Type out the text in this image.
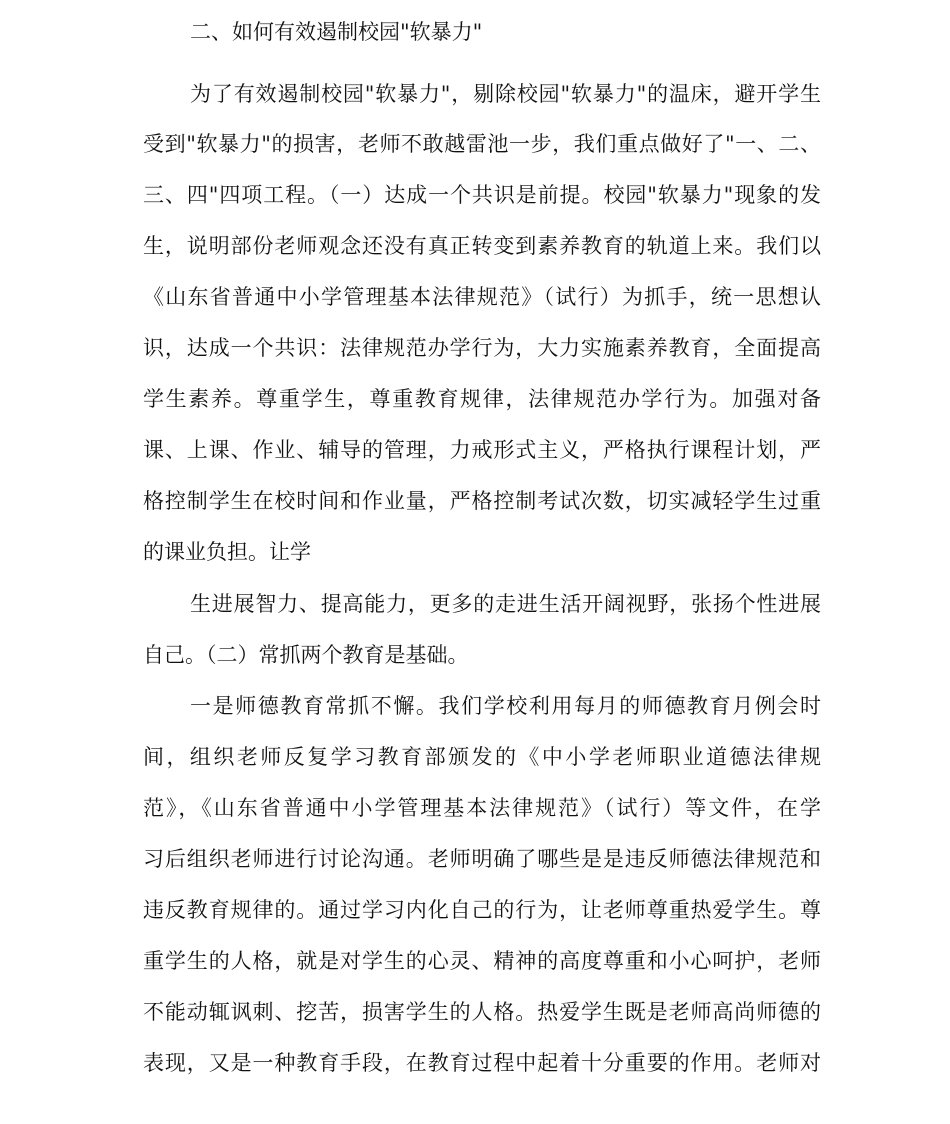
二、如何有效遏制校园"软暴力"
为了有效遏制校园"软暴力"，剔除校园"软暴力"的温床，避开学生
受到"软暴力"的损害，老师不敢越雷池一步，我们重点做好了"一、二、
三、四"四项工程。（一）达成一个共识是前提。校园"软暴力"现象的发
生，说明部份老师观念还没有真正转变到素养教育的轨道上来。我们以
《山东省普通中小学管理基本法律规范》（试行）为抓手，统一思想认
识，达成一个共识：法律规范办学行为，大力实施素养教育，全面提高
学生素养。尊重学生，尊重教育规律，法律规范办学行为。加强对备
课、上课、作业、辅导的管理，力戒形式主义，严格执行课程计划，严
格控制学生在校时间和作业量，严格控制考试次数，切实减轻学生过重
的课业负担。让学
生进展智力、提高能力，更多的走进生活开阔视野，张扬个性进展
自己。（二）常抓两个教育是基础。
一是师德教育常抓不懈。我们学校利用每月的师德教育月例会时
间，组织老师反复学习教育部颁发的《中小学老师职业道德法律规
范》，《山东省普通中小学管理基本法律规范》（试行）等文件，在学
习后组织老师进行讨论沟通。老师明确了哪些是是违反师德法律规范和
违反教育规律的。通过学习内化自己的行为，让老师尊重热爱学生。尊
重学生的人格，就是对学生的心灵、精神的高度尊重和小心呵护，老师
不能动辄讽刺、挖苦，损害学生的人格。热爱学生既是老师高尚师德的
表现，又是一种教育手段，在教育过程中起着十分重要的作用。老师对
